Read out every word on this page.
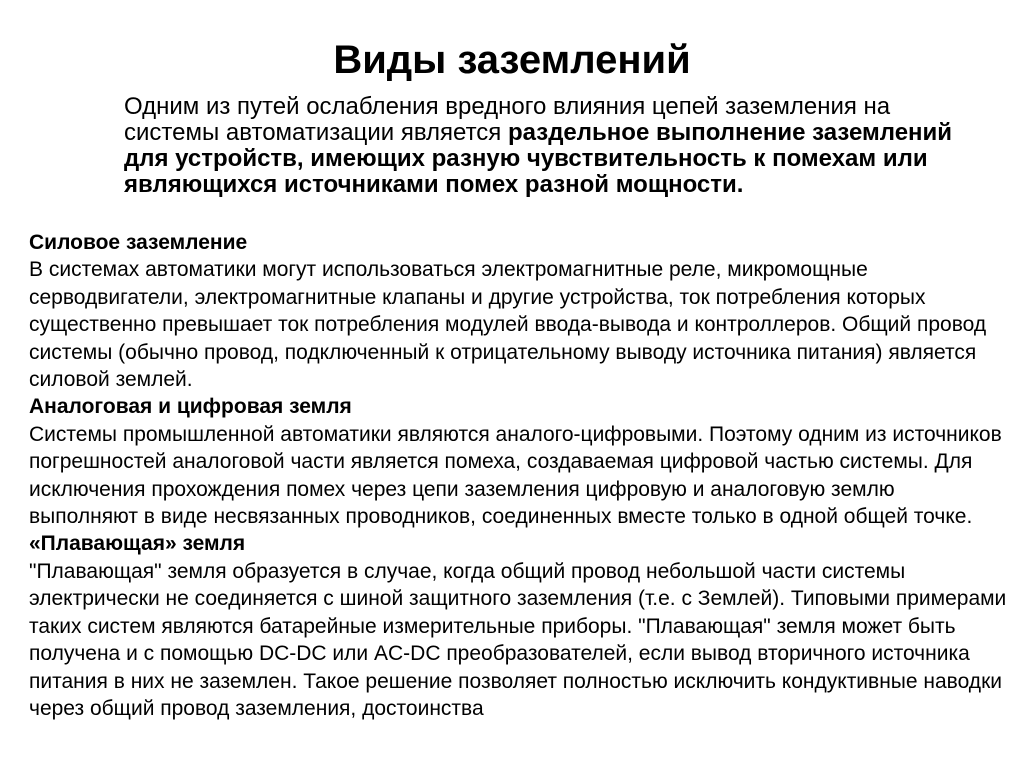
Виды заземлений

Одним из путей ослабления вредного влияния цепей заземления на системы автоматизации является раздельное выполнение заземлений для устройств, имеющих разную чувствительность к помехам или являющихся источниками помех разной мощности.

Силовое заземление

В системах автоматики могут использоваться электромагнитные реле, микромощные серводвигатели, электромагнитные клапаны и другие устройства, ток потребления которых существенно превышает ток потребления модулей ввода-вывода и контроллеров. Общий провод системы (обычно провод, подключенный к отрицательному выводу источника питания) является силовой землей.

Аналоговая и цифровая земля

Системы промышленной автоматики являются аналого-цифровыми. Поэтому одним из источников погрешностей аналоговой части является помеха, создаваемая цифровой частью системы. Для исключения прохождения помех через цепи заземления цифровую и аналоговую землю выполняют в виде несвязанных проводников, соединенных вместе только в одной общей точке.

«Плавающая» земля

"Плавающая" земля образуется в случае, когда общий провод небольшой части системы электрически не соединяется с шиной защитного заземления (т.е. с Землей). Типовыми примерами таких систем являются батарейные измерительные приборы. "Плавающая" земля может быть получена и с помощью DC-DC или AC-DC преобразователей, если вывод вторичного источника питания в них не заземлен. Такое решение позволяет полностью исключить кондуктивные наводки через общий провод заземления, достоинства
